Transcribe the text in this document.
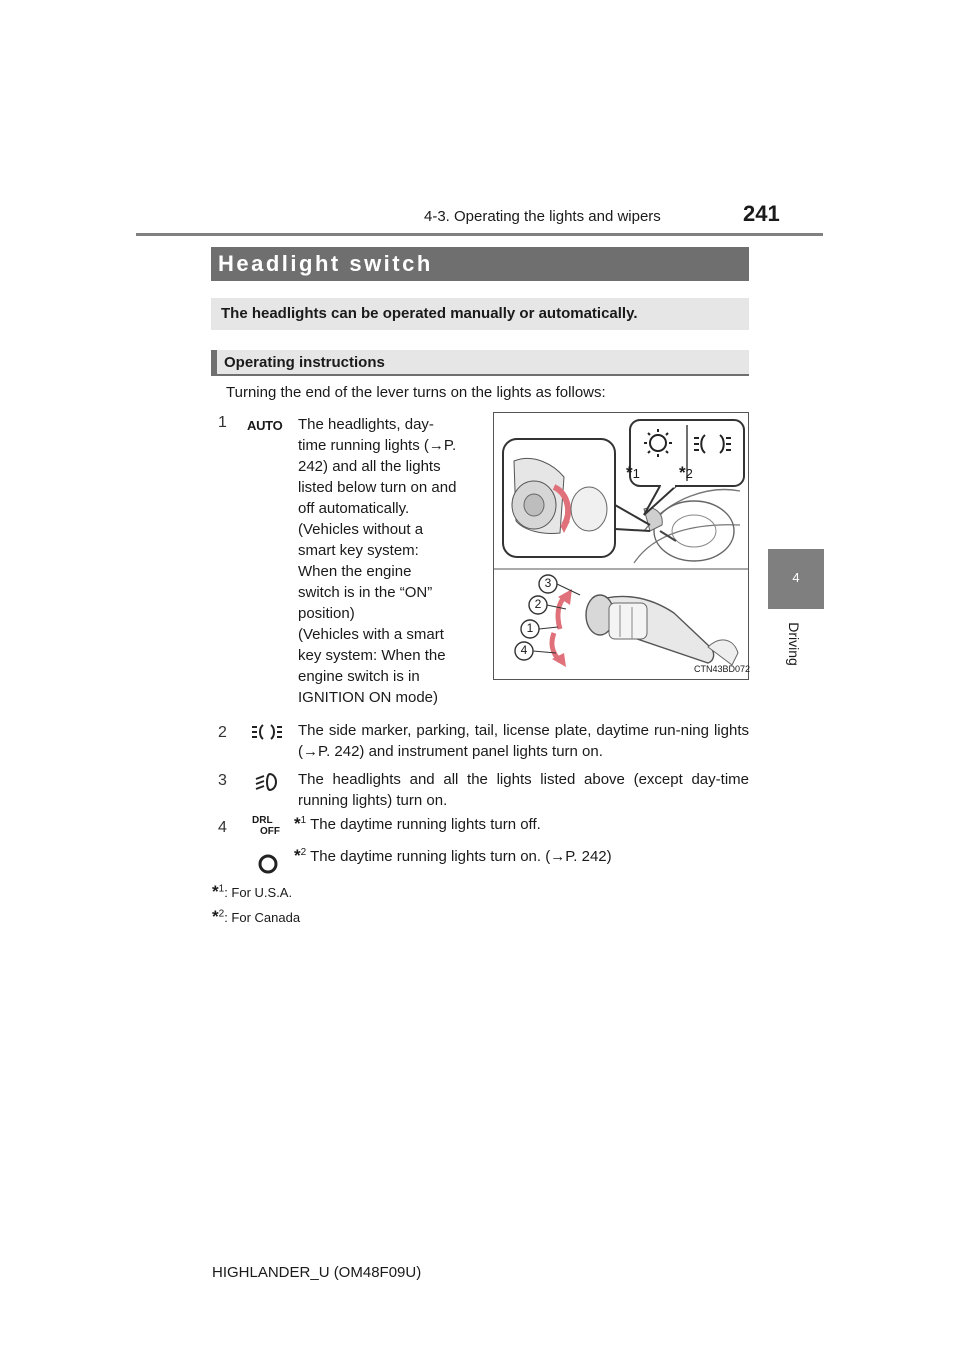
4-3. Operating the lights and wipers	241
4
Driving
Headlight switch
The headlights can be operated manually or automatically.
Operating instructions
Turning the end of the lever turns on the lights as follows:
1 AUTO The headlights, day-
time running lights (→P.
242) and all the lights
listed below turn on and
off automatically.
(Vehicles without a
smart key system:
When the engine
switch is in the “ON”
position)
(Vehicles with a smart
key system: When the
engine switch is in
IGNITION ON mode)
*1 *2
3
2
1
4
CTN43BD072
2	The side marker, parking, tail, license plate, daytime run-ning lights (→P. 242) and instrument panel lights turn on.
3	The headlights and all the lights listed above (except day-time running lights) turn on.
4	DRL
OFF *$^1$ The daytime running lights turn off.
*$^2$ The daytime running lights turn on. (→P. 242)
*$^1$: For U.S.A.
*$^2$: For Canada
HIGHLANDER_U (OM48F09U)
